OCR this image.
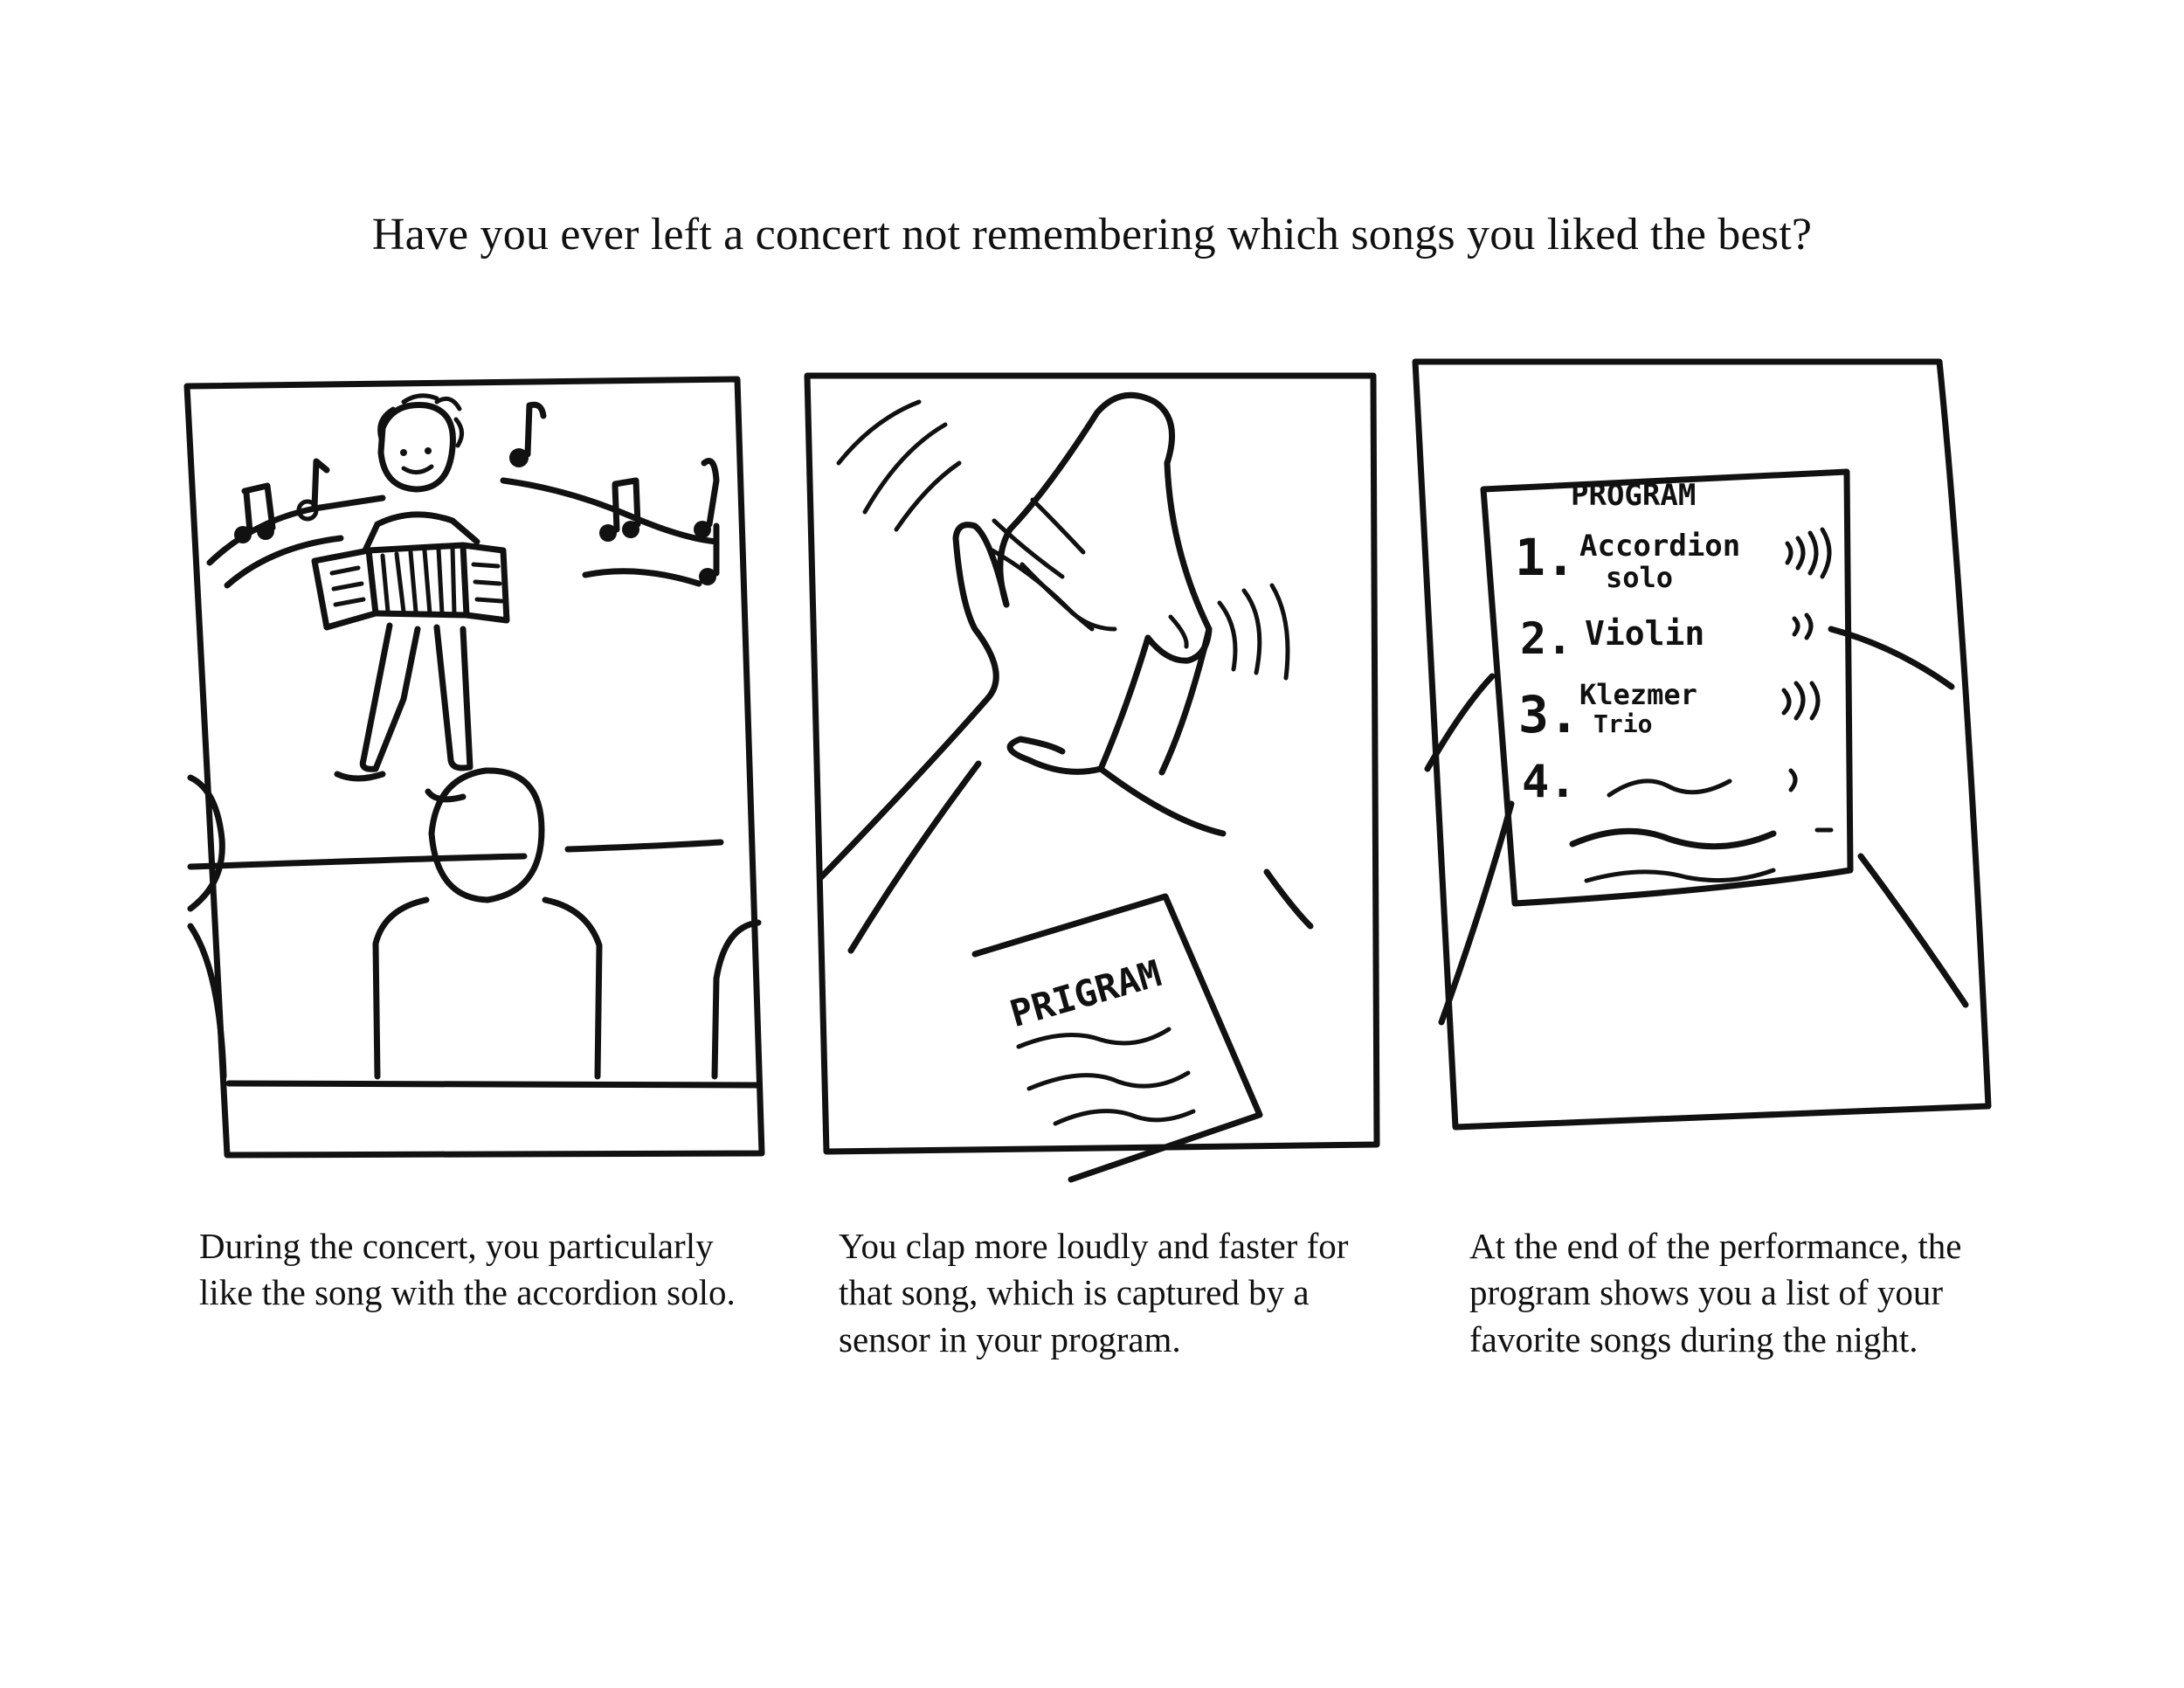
Have you ever left a concert not remembering which songs you liked the best?
PRIGRAM
PROGRAM
1. Accordion
solo
2. Violin
3. Klezmer
Trio
4.

During the concert, you particularly

like the song with the accordion solo.

You clap more loudly and faster for

that song, which is captured by a

sensor in your program.

At the end of the performance, the

program shows you a list of your

favorite songs during the night.
